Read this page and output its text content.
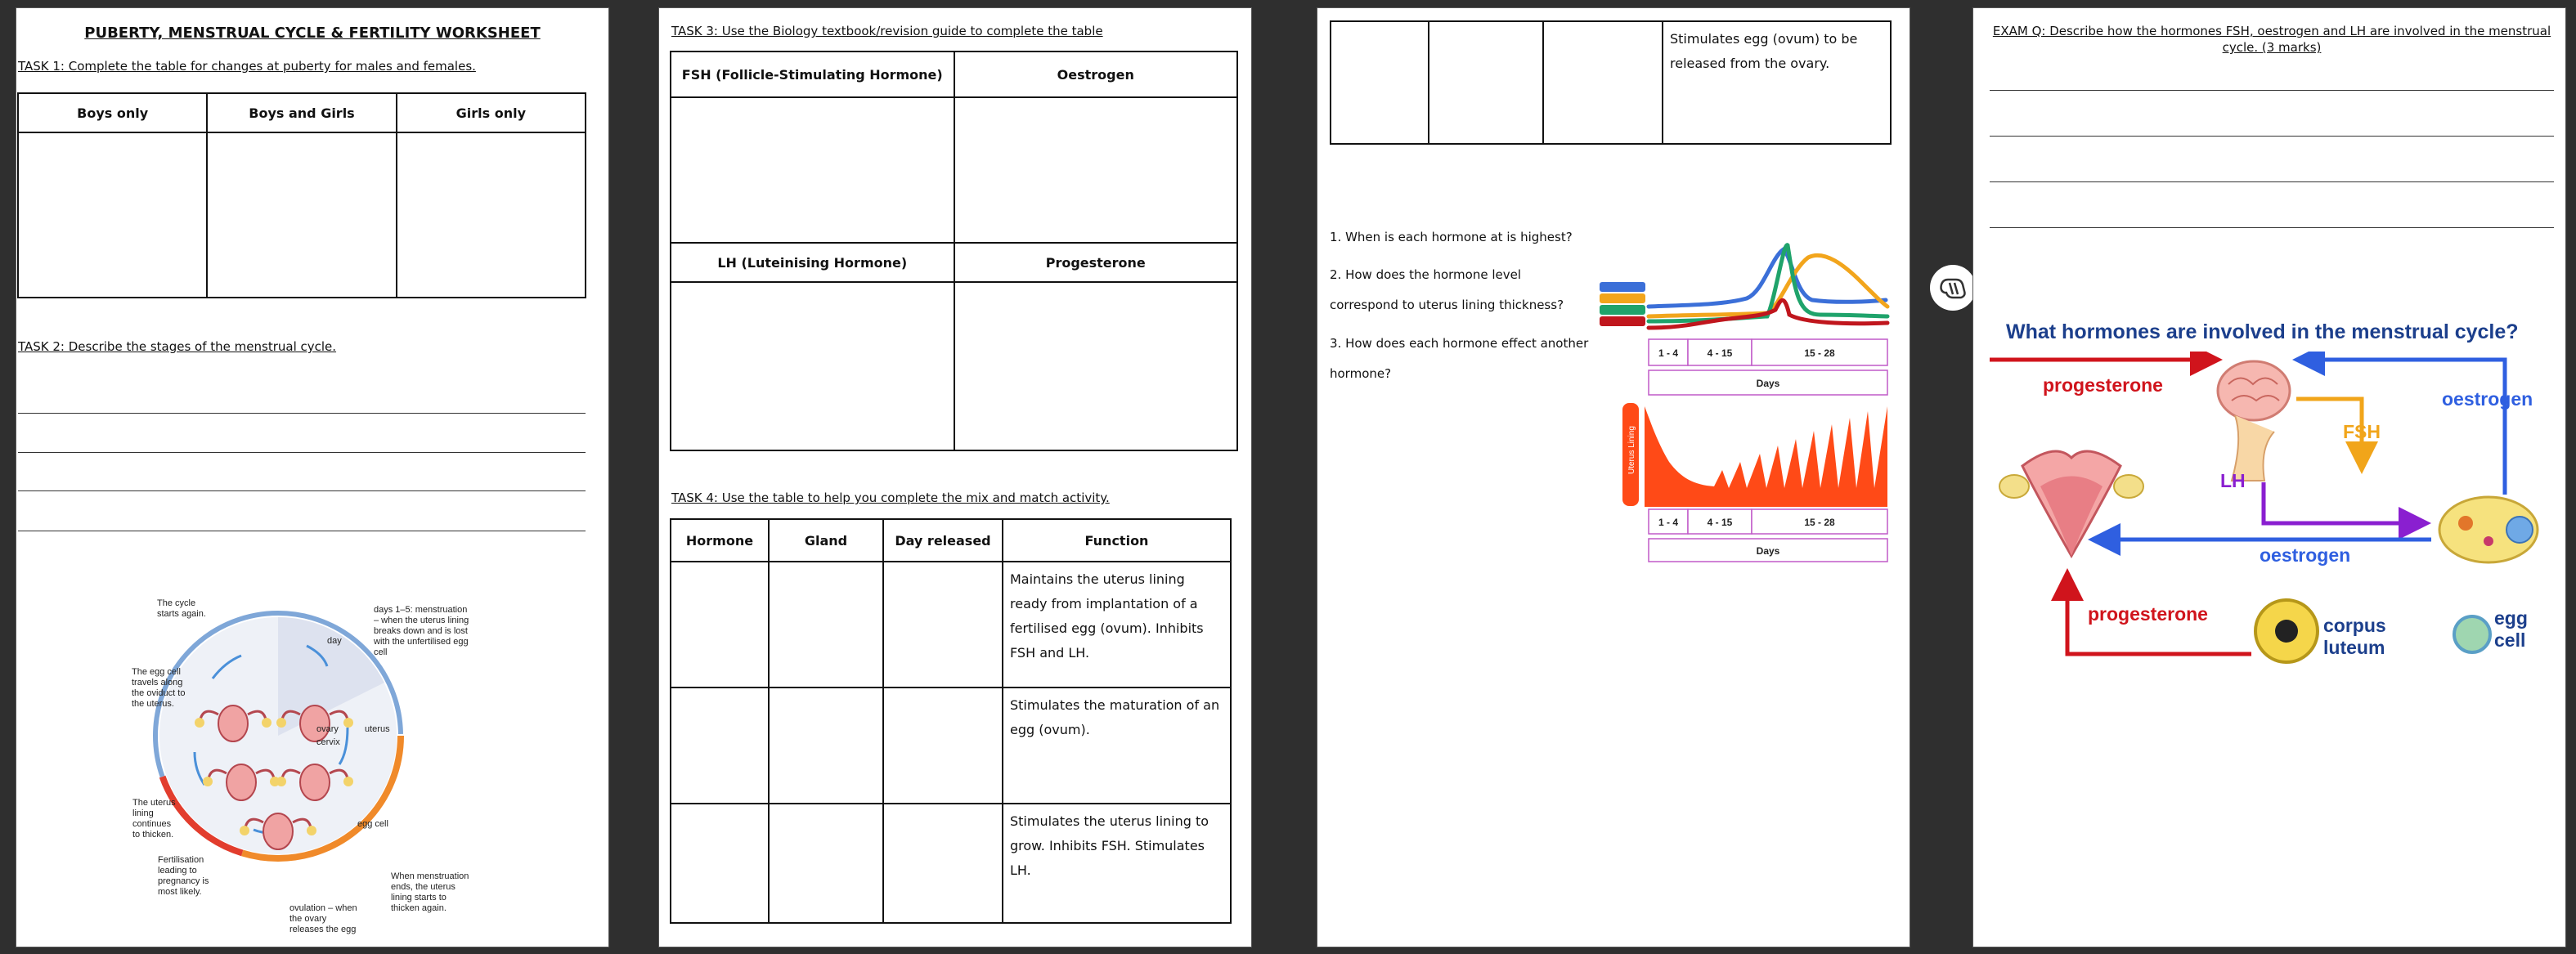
PUBERTY, MENSTRUAL CYCLE & FERTILITY WORKSHEET
TASK 1: Complete the table for changes at puberty for males and females.
Boys only	Boys and Girls	Girls only

TASK 2: Describe the stages of the menstrual cycle.
The cycle starts again.	days 1–5: menstruation – when the uterus lining breaks down and is lost with the unfertilised egg cell
The egg cell travels along the oviduct to the uterus.
The uterus lining continues to thicken.
Fertilisation leading to pregnancy is most likely.
ovulation – when the ovary releases the egg
When menstruation ends, the uterus lining starts to thicken again.
egg cell
ovary	uterus
cervix
day
TASK 3: Use the Biology textbook/revision guide to complete the table
FSH (Follicle-Stimulating Hormone)	Oestrogen

LH (Luteinising Hormone)	Progesterone

TASK 4: Use the table to help you complete the mix and match activity.
Hormone	Gland	Day released	Function
			Maintains the uterus lining ready from implantation of a fertilised egg (ovum). Inhibits FSH and LH.
			Stimulates the maturation of an egg (ovum).
			Stimulates the uterus lining to grow. Inhibits FSH. Stimulates LH.
			Stimulates egg (ovum) to be released from the ovary.
1. When is each hormone at is highest?
2. How does the hormone level correspond to uterus lining thickness?
3. How does each hormone effect another hormone?
1 - 4	4 - 15	15 - 28
Days
Uterus Lining
1 - 4	4 - 15	15 - 28
Days
EXAM Q: Describe how the hormones FSH, oestrogen and LH are involved in the menstrual cycle. (3 marks)
What hormones are involved in the menstrual cycle?
progesterone
oestrogen
FSH
LH
oestrogen
progesterone
corpus luteum
egg cell
